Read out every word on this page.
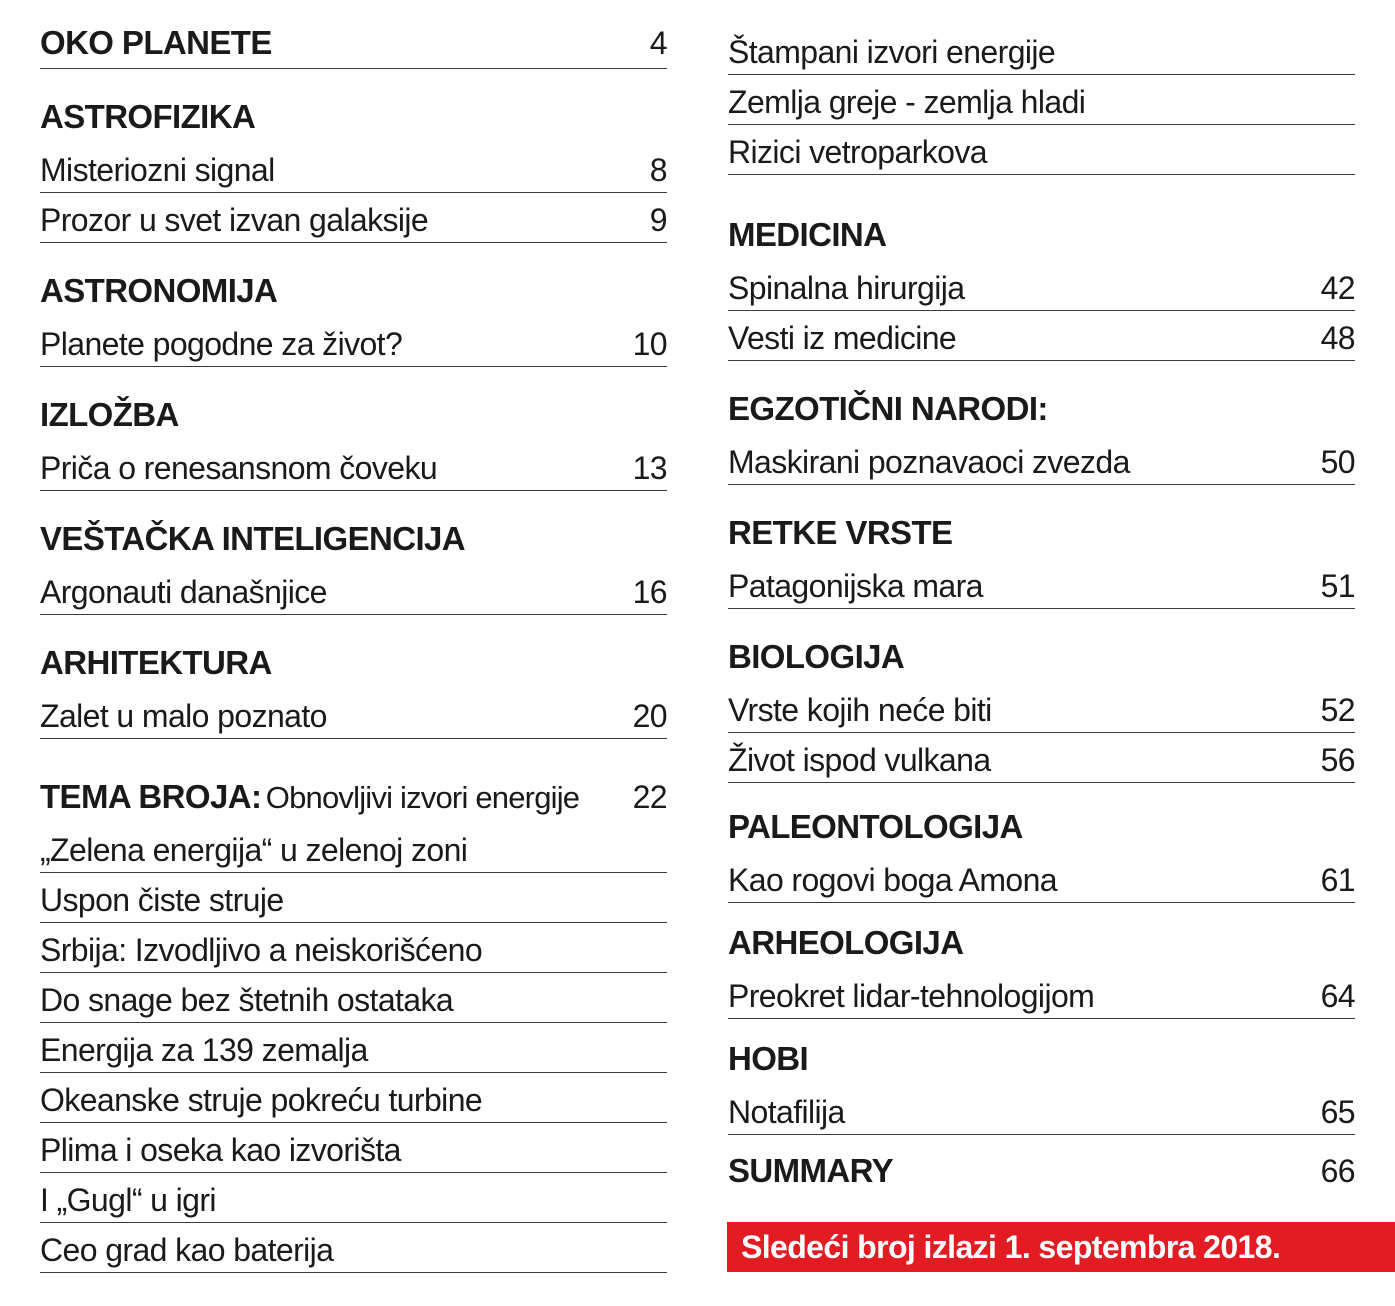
OKO PLANETE	4
ASTROFIZIKA
Misteriozni signal	8
Prozor u svet izvan galaksije	9
ASTRONOMIJA
Planete pogodne za život?	10
IZLOŽBA
Priča o renesansnom čoveku	13
VEŠTAČKA INTELIGENCIJA
Argonauti današnjice	16
ARHITEKTURA
Zalet u malo poznato	20
TEMA BROJA: Obnovljivi izvori energije 22
„Zelena energija“ u zelenoj zoni
Uspon čiste struje
Srbija: Izvodljivo a neiskorišćeno
Do snage bez štetnih ostataka
Energija za 139 zemalja
Okeanske struje pokreću turbine
Plima i oseka kao izvorišta
I „Gugl“ u igri
Ceo grad kao baterija
Štampani izvori energije
Zemlja greje - zemlja hladi
Rizici vetroparkova
MEDICINA
Spinalna hirurgija	42
Vesti iz medicine	48
EGZOTIČNI NARODI:
Maskirani poznavaoci zvezda	50
RETKE VRSTE
Patagonijska mara	51
BIOLOGIJA
Vrste kojih neće biti	52
Život ispod vulkana	56
PALEONTOLOGIJA
Kao rogovi boga Amona	61
ARHEOLOGIJA
Preokret lidar-tehnologijom	64
HOBI
Notafilija	65
SUMMARY	66
Sledeći broj izlazi 1. septembra 2018.
